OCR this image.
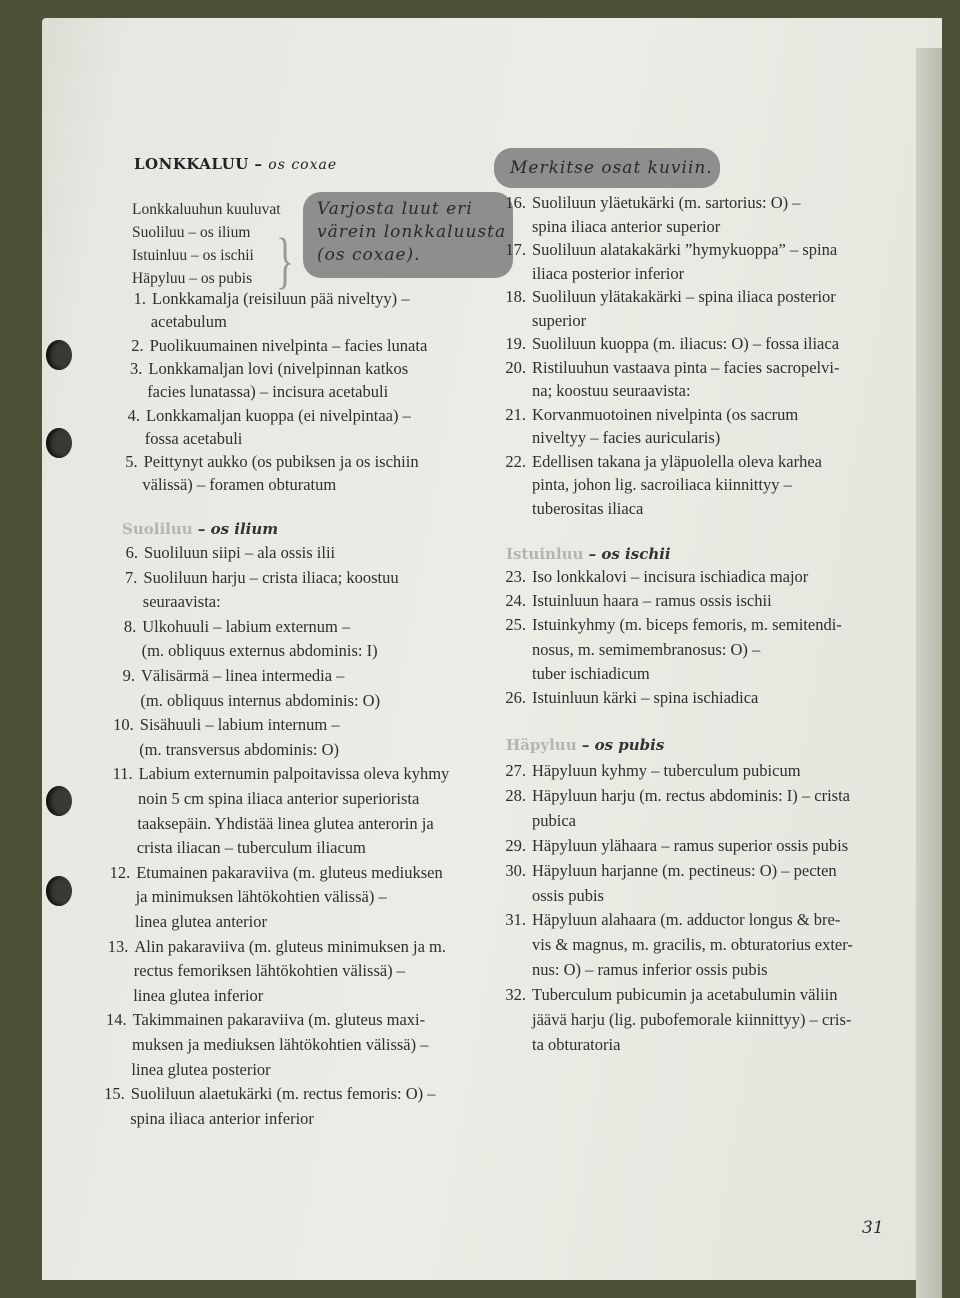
LONKKALUU – os coxae
Varjosta luut eri
värein lonkkaluusta
(os coxae).
Merkitse osat kuviin.
Lonkkaluuhun kuuluvat
Suoliluu – os ilium
Istuinluu – os ischii
Häpyluu – os pubis }
Suoliluu – os ilium
Istuinluu – os ischii
Häpyluu – os pubis
1. Lonkkamalja (reisiluun pää niveltyy) –
acetabulum
2. Puolikuumainen nivelpinta – facies lunata
3. Lonkkamaljan lovi (nivelpinnan katkos
facies lunatassa) – incisura acetabuli
4. Lonkkamaljan kuoppa (ei nivelpintaa) –
fossa acetabuli
5. Peittynyt aukko (os pubiksen ja os ischiin
välissä) – foramen obturatum
6. Suoliluun siipi – ala ossis ilii
7. Suoliluun harju – crista iliaca; koostuu
seuraavista:
8. Ulkohuuli – labium externum –
(m. obliquus externus abdominis: I)
9. Välisärmä – linea intermedia –
(m. obliquus internus abdominis: O)
10. Sisähuuli – labium internum –
(m. transversus abdominis: O)
11. Labium externumin palpoitavissa oleva kyhmy
noin 5 cm spina iliaca anterior superiorista
taaksepäin. Yhdistää linea glutea anterorin ja
crista iliacan – tuberculum iliacum
12. Etumainen pakaraviiva (m. gluteus mediuksen
ja minimuksen lähtökohtien välissä) –
linea glutea anterior
13. Alin pakaraviiva (m. gluteus minimuksen ja m.
rectus femoriksen lähtökohtien välissä) –
linea glutea inferior
14. Takimmainen pakaraviiva (m. gluteus maxi-
muksen ja mediuksen lähtökohtien välissä) –
linea glutea posterior
15. Suoliluun alaetukärki (m. rectus femoris: O) –
spina iliaca anterior inferior
16. Suoliluun yläetukärki (m. sartorius: O) –
spina iliaca anterior superior
17. Suoliluun alatakakärki ”hymykuoppa” – spina
iliaca posterior inferior
18. Suoliluun ylätakakärki – spina iliaca posterior
superior
19. Suoliluun kuoppa (m. iliacus: O) – fossa iliaca
20. Ristiluuhun vastaava pinta – facies sacropelvi-
na; koostuu seuraavista:
21. Korvanmuotoinen nivelpinta (os sacrum
niveltyy – facies auricularis)
22. Edellisen takana ja yläpuolella oleva karhea
pinta, johon lig. sacroiliaca kiinnittyy –
tuberositas iliaca
23. Iso lonkkalovi – incisura ischiadica major
24. Istuinluun haara – ramus ossis ischii
25. Istuinkyhmy (m. biceps femoris, m. semitendi-
nosus, m. semimembranosus: O) –
tuber ischiadicum
26. Istuinluun kärki – spina ischiadica
27. Häpyluun kyhmy – tuberculum pubicum
28. Häpyluun harju (m. rectus abdominis: I) – crista
pubica
29. Häpyluun ylähaara – ramus superior ossis pubis
30. Häpyluun harjanne (m. pectineus: O) – pecten
ossis pubis
31. Häpyluun alahaara (m. adductor longus & bre-
vis & magnus, m. gracilis, m. obturatorius exter-
nus: O) – ramus inferior ossis pubis
32. Tuberculum pubicumin ja acetabulumin väliin
jäävä harju (lig. pubofemorale kiinnittyy) – cris-
ta obturatoria
31
